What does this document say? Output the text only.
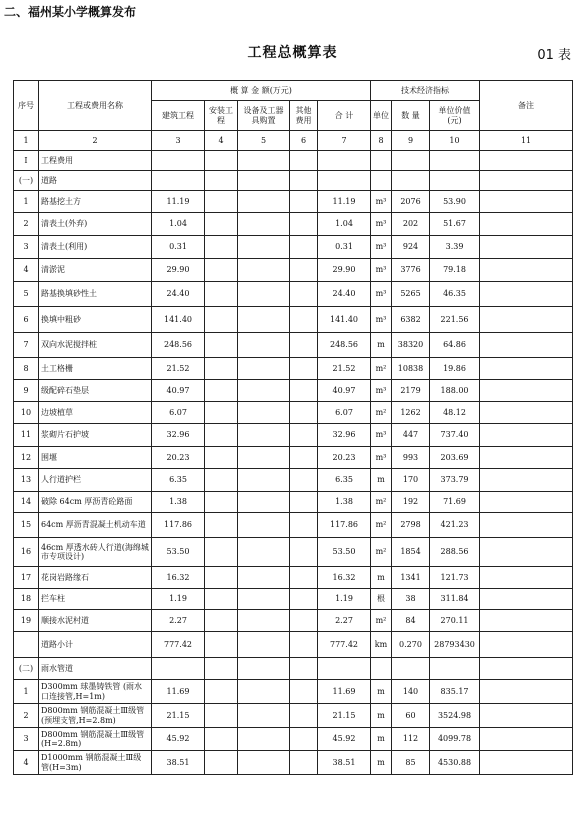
二、福州某小学概算发布
工程总概算表	01 表
序号	工程或费用名称	概 算 金 额(万元)					技术经济指标			备注
		建筑工程	安装工程	设备及工器具购置	其他费用	合 计	单位	数 量	单位价值(元)	
1	2	3	4	5	6	7	8	9	10	11
Ⅰ	工程费用									
(一)	道路									
1	路基挖土方	11.19				11.19	m³	2076	53.90	
2	清表土(外弃)	1.04				1.04	m³	202	51.67	
3	清表土(利用)	0.31				0.31	m³	924	3.39	
4	清淤泥	29.90				29.90	m³	3776	79.18	
5	路基换填砂性土	24.40				24.40	m³	5265	46.35	
6	换填中粗砂	141.40				141.40	m³	6382	221.56	
7	双向水泥搅拌桩	248.56				248.56	m	38320	64.86	
8	土工格栅	21.52				21.52	m²	10838	19.86	
9	级配碎石垫层	40.97				40.97	m³	2179	188.00	
10	边坡植草	6.07				6.07	m²	1262	48.12	
11	浆砌片石护坡	32.96				32.96	m³	447	737.40	
12	围堰	20.23				20.23	m³	993	203.69	
13	人行道护栏	6.35				6.35	m	170	373.79	
14	破除 64cm 厚沥青砼路面	1.38				1.38	m²	192	71.69	
15	64cm 厚沥青混凝土机动车道	117.86				117.86	m²	2798	421.23	
16	46cm 厚透水砖人行道(海绵城市专项设计)	53.50				53.50	m²	1854	288.56	
17	花岗岩路缘石	16.32				16.32	m	1341	121.73	
18	拦车柱	1.19				1.19	根	38	311.84	
19	顺接水泥村道	2.27				2.27	m²	84	270.11	
	道路小计	777.42				777.42	km	0.270	28793430	
(二)	雨水管道									
1	D300mm 球墨铸铁管 (雨水口连接管,H=1m)	11.69				11.69	m	140	835.17	
2	D800mm 钢筋混凝土Ⅲ级管(预埋支管,H=2.8m)	21.15				21.15	m	60	3524.98	
3	D800mm 钢筋混凝土Ⅲ级管(H=2.8m)	45.92				45.92	m	112	4099.78	
4	D1000mm 钢筋混凝土Ⅲ级管(H=3m)	38.51				38.51	m	85	4530.88	
